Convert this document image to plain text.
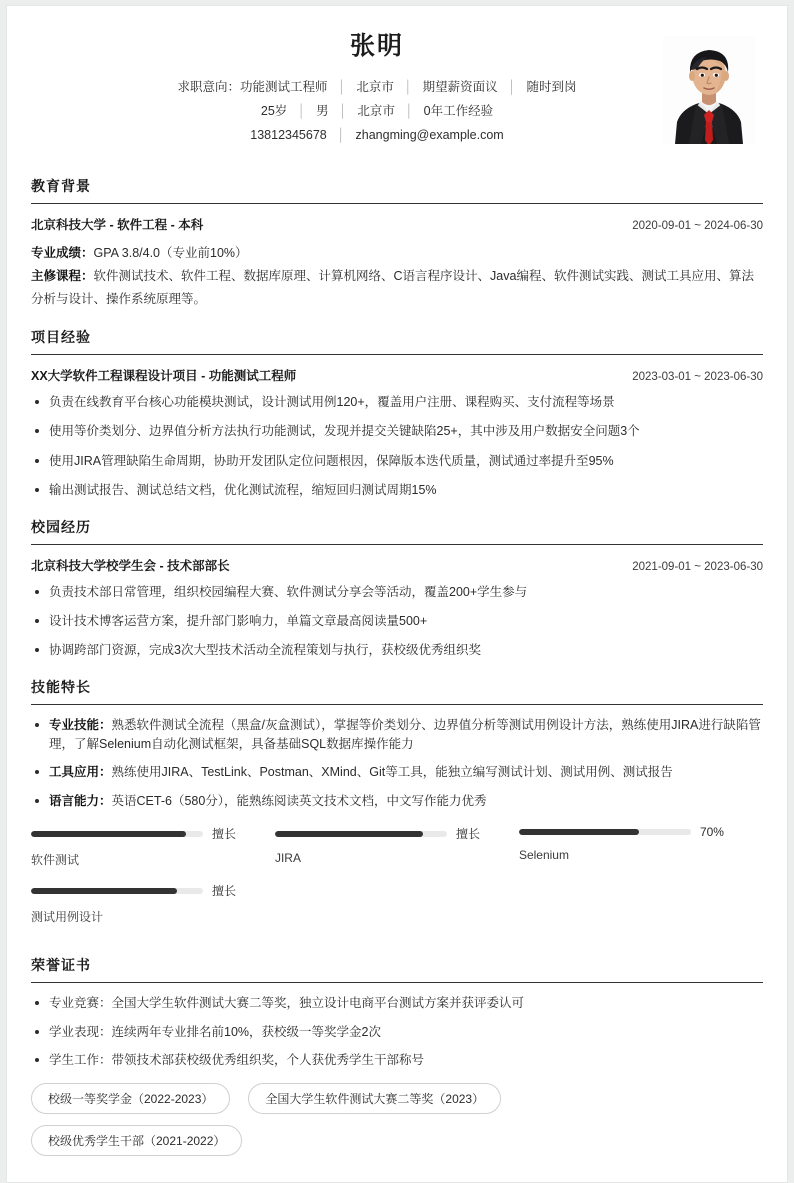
张明
求职意向：功能测试工程师 │ 北京市 │ 期望薪资面议 │ 随时到岗
25岁 │ 男 │ 北京市 │ 0年工作经验
13812345678 │ zhangming@example.com
教育背景
北京科技大学 - 软件工程 - 本科	2020-09-01 ~ 2024-06-30
专业成绩：GPA 3.8/4.0（专业前10%）
主修课程：软件测试技术、软件工程、数据库原理、计算机网络、C语言程序设计、Java编程、软件测试实践、测试工具应用、算法分析与设计、操作系统原理等。
项目经验
XX大学软件工程课程设计项目 - 功能测试工程师	2023-03-01 ~ 2023-06-30
负责在线教育平台核心功能模块测试，设计测试用例120+，覆盖用户注册、课程购买、支付流程等场景
使用等价类划分、边界值分析方法执行功能测试，发现并提交关键缺陷25+，其中涉及用户数据安全问题3个
使用JIRA管理缺陷生命周期，协助开发团队定位问题根因，保障版本迭代质量，测试通过率提升至95%
输出测试报告、测试总结文档，优化测试流程，缩短回归测试周期15%
校园经历
北京科技大学校学生会 - 技术部部长	2021-09-01 ~ 2023-06-30
负责技术部日常管理，组织校园编程大赛、软件测试分享会等活动，覆盖200+学生参与
设计技术博客运营方案，提升部门影响力，单篇文章最高阅读量500+
协调跨部门资源，完成3次大型技术活动全流程策划与执行，获校级优秀组织奖
技能特长
专业技能：熟悉软件测试全流程（黑盒/灰盒测试），掌握等价类划分、边界值分析等测试用例设计方法，熟练使用JIRA进行缺陷管理，了解Selenium自动化测试框架，具备基础SQL数据库操作能力
工具应用：熟练使用JIRA、TestLink、Postman、XMind、Git等工具，能独立编写测试计划、测试用例、测试报告
语言能力：英语CET-6（580分），能熟练阅读英文技术文档，中文写作能力优秀
擅长
软件测试
擅长
JIRA
70%
Selenium
擅长
测试用例设计
荣誉证书
专业竞赛：全国大学生软件测试大赛二等奖，独立设计电商平台测试方案并获评委认可
学业表现：连续两年专业排名前10%，获校级一等奖学金2次
学生工作：带领技术部获校级优秀组织奖，个人获优秀学生干部称号
校级一等奖学金（2022-2023）	全国大学生软件测试大赛二等奖（2023）
校级优秀学生干部（2021-2022）
